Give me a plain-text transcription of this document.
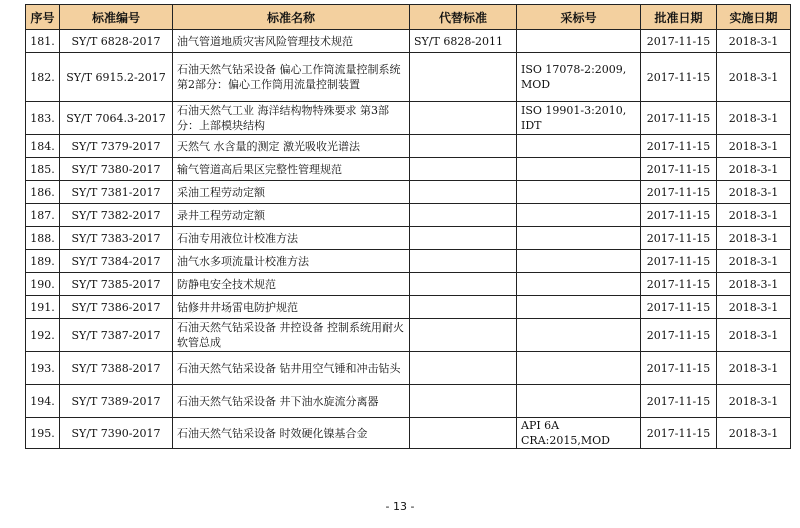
序号	标准编号	标准名称	代替标准	采标号	批准日期	实施日期
181.	SY/T 6828-2017	油气管道地质灾害风险管理技术规范	SY/T 6828-2011		2017-11-15	2018-3-1
182.	SY/T 6915.2-2017	石油天然气钻采设备 偏心工作筒流量控制系统 第2部分：偏心工作筒用流量控制装置		ISO 17078-2:2009, MOD	2017-11-15	2018-3-1
183.	SY/T 7064.3-2017	石油天然气工业 海洋结构物特殊要求 第3部分：上部模块结构		ISO 19901-3:2010, IDT	2017-11-15	2018-3-1
184.	SY/T 7379-2017	天然气 水含量的测定 激光吸收光谱法			2017-11-15	2018-3-1
185.	SY/T 7380-2017	输气管道高后果区完整性管理规范			2017-11-15	2018-3-1
186.	SY/T 7381-2017	采油工程劳动定额			2017-11-15	2018-3-1
187.	SY/T 7382-2017	录井工程劳动定额			2017-11-15	2018-3-1
188.	SY/T 7383-2017	石油专用液位计校准方法			2017-11-15	2018-3-1
189.	SY/T 7384-2017	油气水多项流量计校准方法			2017-11-15	2018-3-1
190.	SY/T 7385-2017	防静电安全技术规范			2017-11-15	2018-3-1
191.	SY/T 7386-2017	钻修井井场雷电防护规范			2017-11-15	2018-3-1
192.	SY/T 7387-2017	石油天然气钻采设备 井控设备 控制系统用耐火软管总成			2017-11-15	2018-3-1
193.	SY/T 7388-2017	石油天然气钻采设备 钻井用空气锤和冲击钻头			2017-11-15	2018-3-1
194.	SY/T 7389-2017	石油天然气钻采设备 井下油水旋流分离器			2017-11-15	2018-3-1
195.	SY/T 7390-2017	石油天然气钻采设备 时效硬化镍基合金		API 6A CRA:2015,MOD	2017-11-15	2018-3-1
- 13 -
